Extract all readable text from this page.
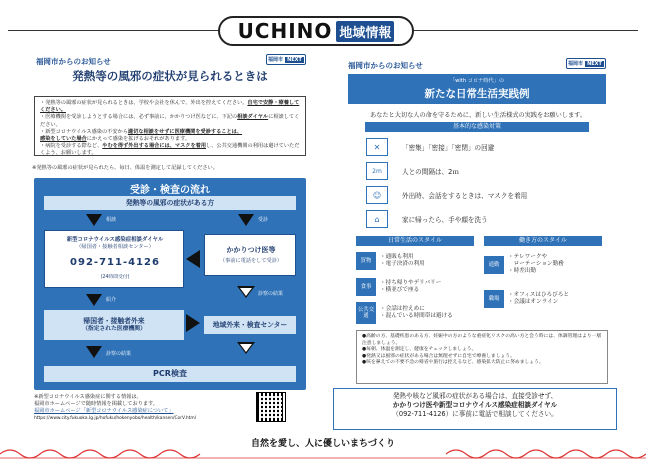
UCHINO 地域情報
福岡市からのお知らせ	福岡市 NEXT
発熱等の風邪の症状が見られるときは
・発熱等の風邪の症状が見られるときは、学校や会社を休んで、外出を控えてください。自宅で安静・療養してください。
・医療機関を受診しようとする場合には、必ず事前に、かかりつけ医などに、下記の相談ダイヤルに相談してください。
・新型コロナウイルス感染の不安から適切な相談をせずに医療機関を受診することは、
感染をしていた場合にかえって感染を拡げるおそれがあります。
・病院を受診する際など、やむを得ず外出する場合には、マスクを着用し、公共交通機関の利用は避けていただくよう、お願いします。
※発熱等の風邪の症状が見られたら、毎日、体温を測定して記録してください。
受診・検査の流れ
発熱等の風邪の症状がある方
相談	受診
新型コロナウイルス感染症相談ダイヤル
（帰国者・接触者相談センター）
092-711-4126
(24時間受付)
かかりつけ医等
（事前に電話をして受診）
紹介
診察の結果
帰国者・接触者外来
（指定された医療機関）	地域外来・検査センター
診察の結果
PCR検査
※新型コロナウイルス感染症に関する情報は、
福岡市ホームページで随時情報を掲載しております。
福岡市ホームページ「新型コロナウイルス感染症について」
https://www.city.fukuoka.lg.jp/hofuku/hokenyobo/health/kansen/CorV.html
福岡市からのお知らせ	福岡市 NEXT
「with コロナ時代」の
新たな日常生活実践例
あなたと大切な人の命を守るために、新しい生活様式の実践をお願いします。
基本的な感染対策
✕	「密集」「密接」「密閉」の回避
2m	人との間隔は、2ｍ
☺	外出時、会話をするときは、マスクを着用
⌂	家に帰ったら、手や顔を洗う
日常生活のスタイル	働き方のスタイル
買物
・通販も利用
・電子決済の利用
食事
・持ち帰りやデリバリー
・横並びで座る
公共交通
・会話は控えめに
・混んでいる時間帯は避ける
通勤
・テレワークや
　ローテーション勤務
・時差出勤
職場
・オフィスはひろびろと
・会議はオンライン
●高齢の方、基礎疾患のある方、妊娠中の方のような重症化リスクの高い方と会う時には、体調管理はより一層注意しましょう。
●毎朝、体温を測定し、健康をチェックしましょう。
●発熱又は風邪の症状がある場合は無理せずに自宅で療養しましょう。
●咳を鼻えての不要不急の帰省や旅行は控えるなど、感染拡大防止に努めましょう。
発熱や咳など風邪の症状がある場合は、直接受診せず、
かかりつけ医や新型コロナウイルス感染症相談ダイヤル
（092-711-4126）に事前に電話で相談してください。
自然を愛し、人に優しいまちづくり
